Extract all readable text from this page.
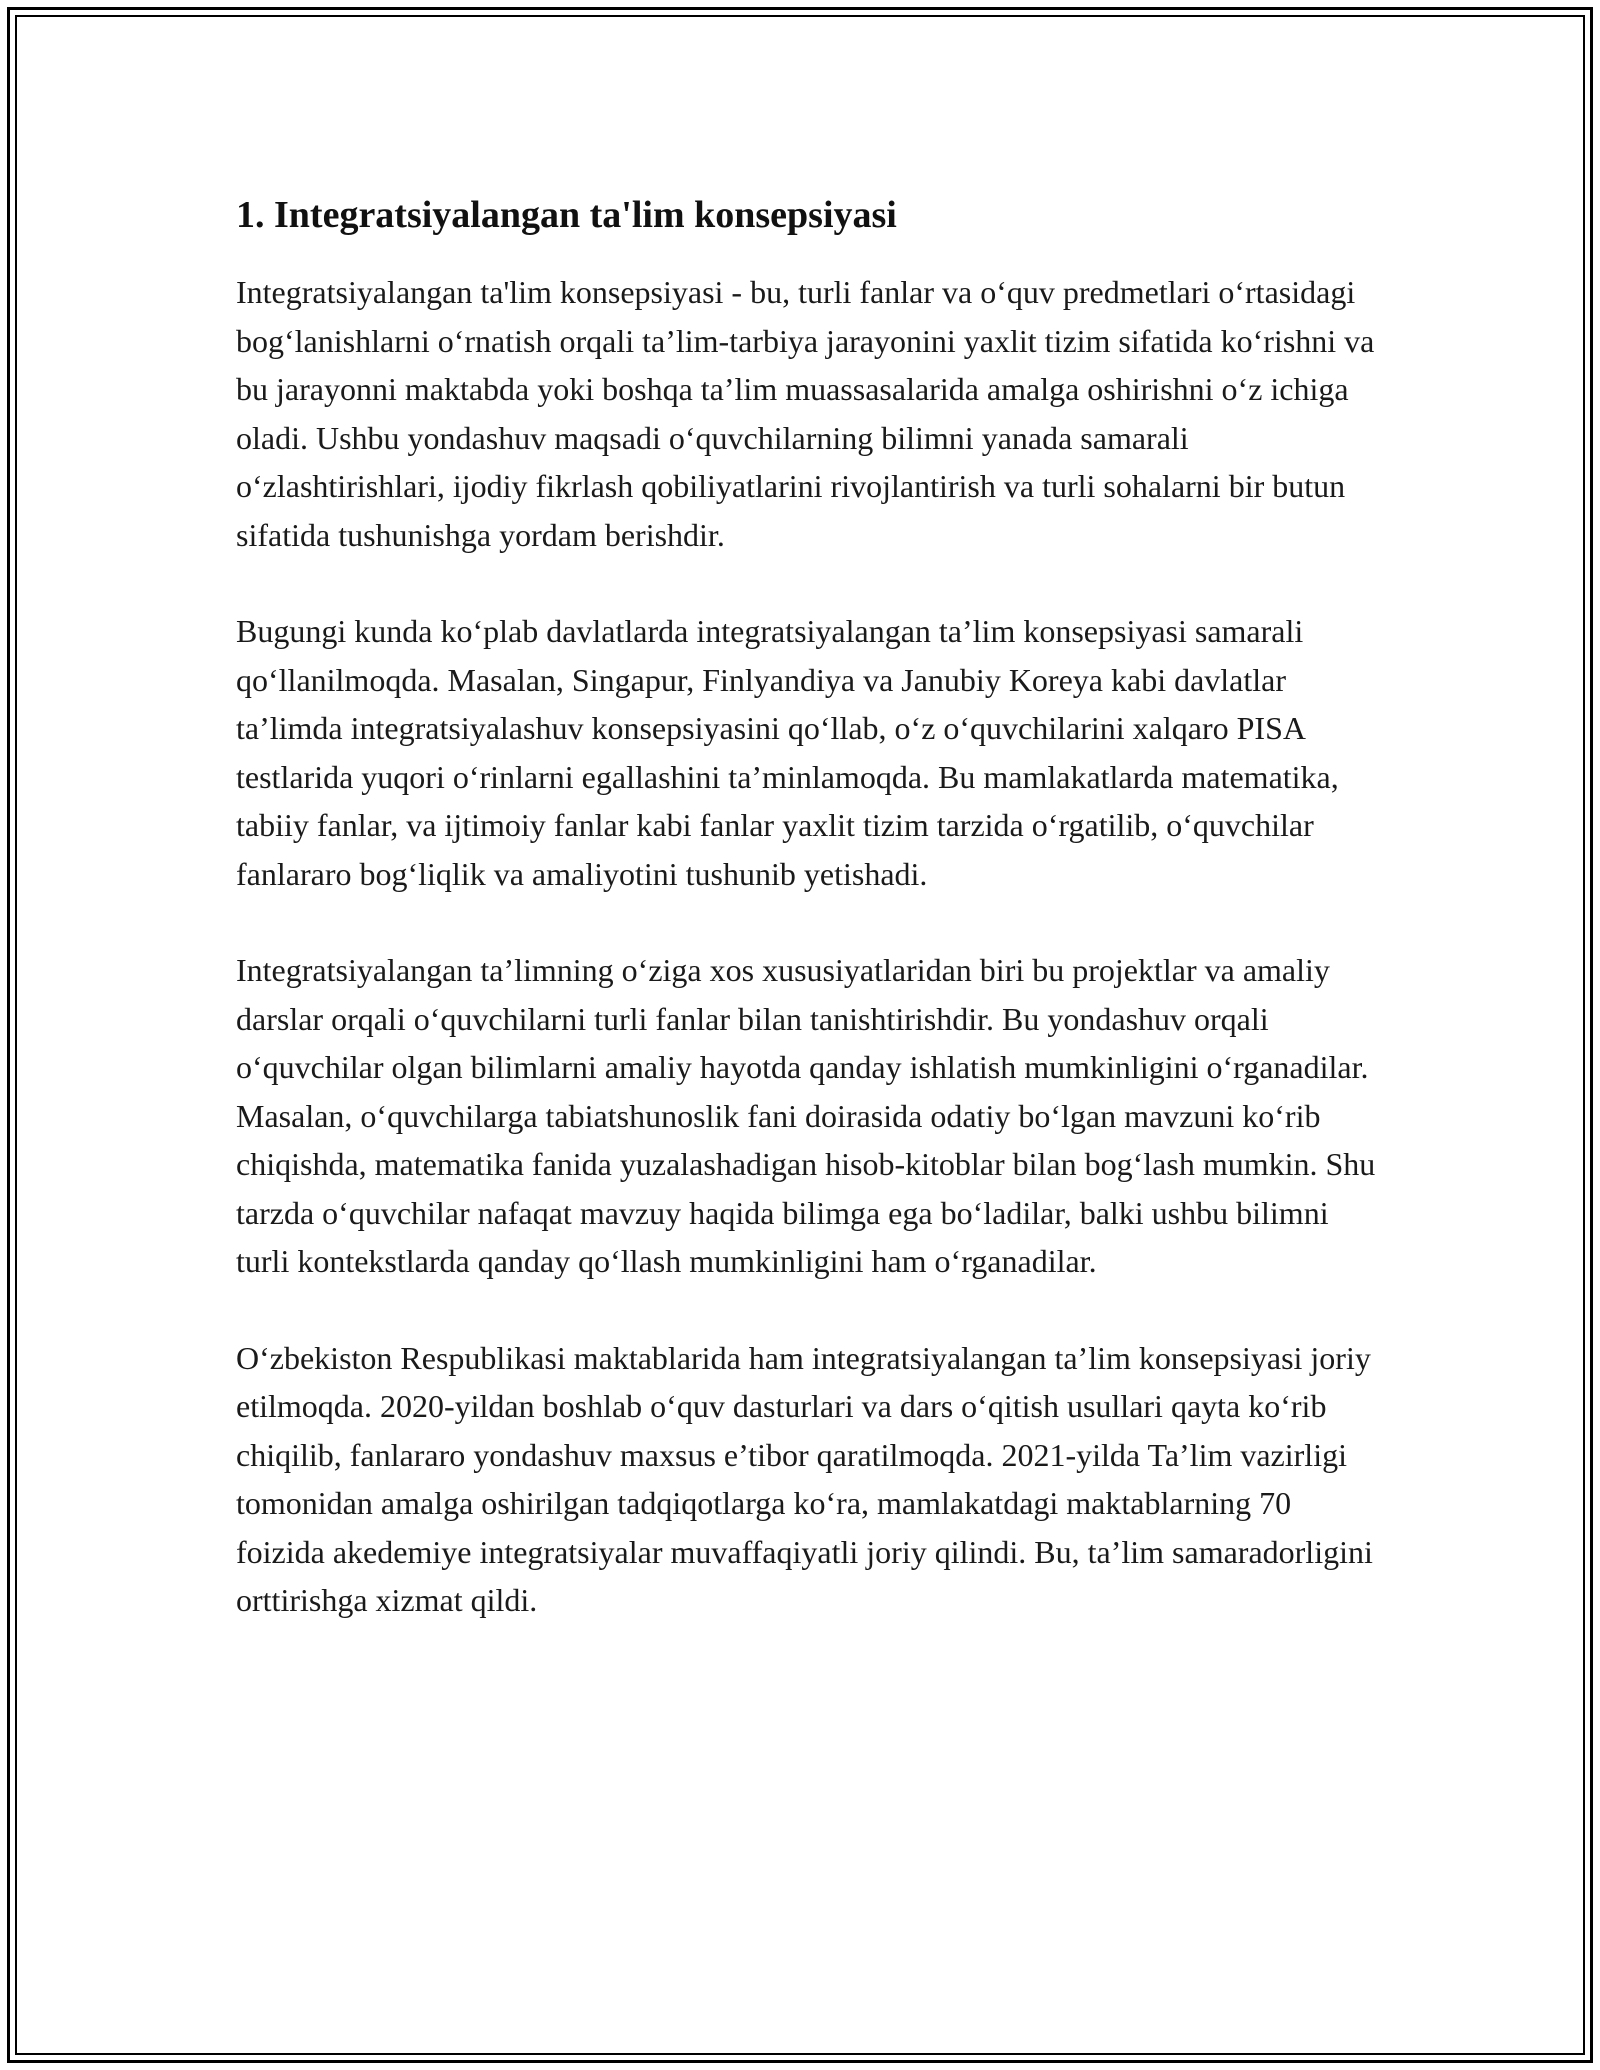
1. Integratsiyalangan ta'lim konsepsiyasi

Integratsiyalangan ta'lim konsepsiyasi - bu, turli fanlar va o‘quv predmetlari o‘rtasidagi bog‘lanishlarni o‘rnatish orqali ta’lim-tarbiya jarayonini yaxlit tizim sifatida ko‘rishni va bu jarayonni maktabda yoki boshqa ta’lim muassasalarida amalga oshirishni o‘z ichiga oladi. Ushbu yondashuv maqsadi o‘quvchilarning bilimni yanada samarali o‘zlashtirishlari, ijodiy fikrlash qobiliyatlarini rivojlantirish va turli sohalarni bir butun sifatida tushunishga yordam berishdir.

Bugungi kunda ko‘plab davlatlarda integratsiyalangan ta’lim konsepsiyasi samarali qo‘llanilmoqda. Masalan, Singapur, Finlyandiya va Janubiy Koreya kabi davlatlar ta’limda integratsiyalashuv konsepsiyasini qo‘llab, o‘z o‘quvchilarini xalqaro PISA testlarida yuqori o‘rinlarni egallashini ta’minlamoqda. Bu mamlakatlarda matematika, tabiiy fanlar, va ijtimoiy fanlar kabi fanlar yaxlit tizim tarzida o‘rgatilib, o‘quvchilar fanlararo bog‘liqlik va amaliyotini tushunib yetishadi.

Integratsiyalangan ta’limning o‘ziga xos xususiyatlaridan biri bu projektlar va amaliy darslar orqali o‘quvchilarni turli fanlar bilan tanishtirishdir. Bu yondashuv orqali o‘quvchilar olgan bilimlarni amaliy hayotda qanday ishlatish mumkinligini o‘rganadilar. Masalan, o‘quvchilarga tabiatshunoslik fani doirasida odatiy bo‘lgan mavzuni ko‘rib chiqishda, matematika fanida yuzalashadigan hisob-kitoblar bilan bog‘lash mumkin. Shu tarzda o‘quvchilar nafaqat mavzuy haqida bilimga ega bo‘ladilar, balki ushbu bilimni turli kontekstlarda qanday qo‘llash mumkinligini ham o‘rganadilar.

O‘zbekiston Respublikasi maktablarida ham integratsiyalangan ta’lim konsepsiyasi joriy etilmoqda. 2020-yildan boshlab o‘quv dasturlari va dars o‘qitish usullari qayta ko‘rib chiqilib, fanlararo yondashuv maxsus e’tibor qaratilmoqda. 2021-yilda Ta’lim vazirligi tomonidan amalga oshirilgan tadqiqotlarga ko‘ra, mamlakatdagi maktablarning 70 foizida akedemiye integratsiyalar muvaffaqiyatli joriy qilindi. Bu, ta’lim samaradorligini orttirishga xizmat qildi.
